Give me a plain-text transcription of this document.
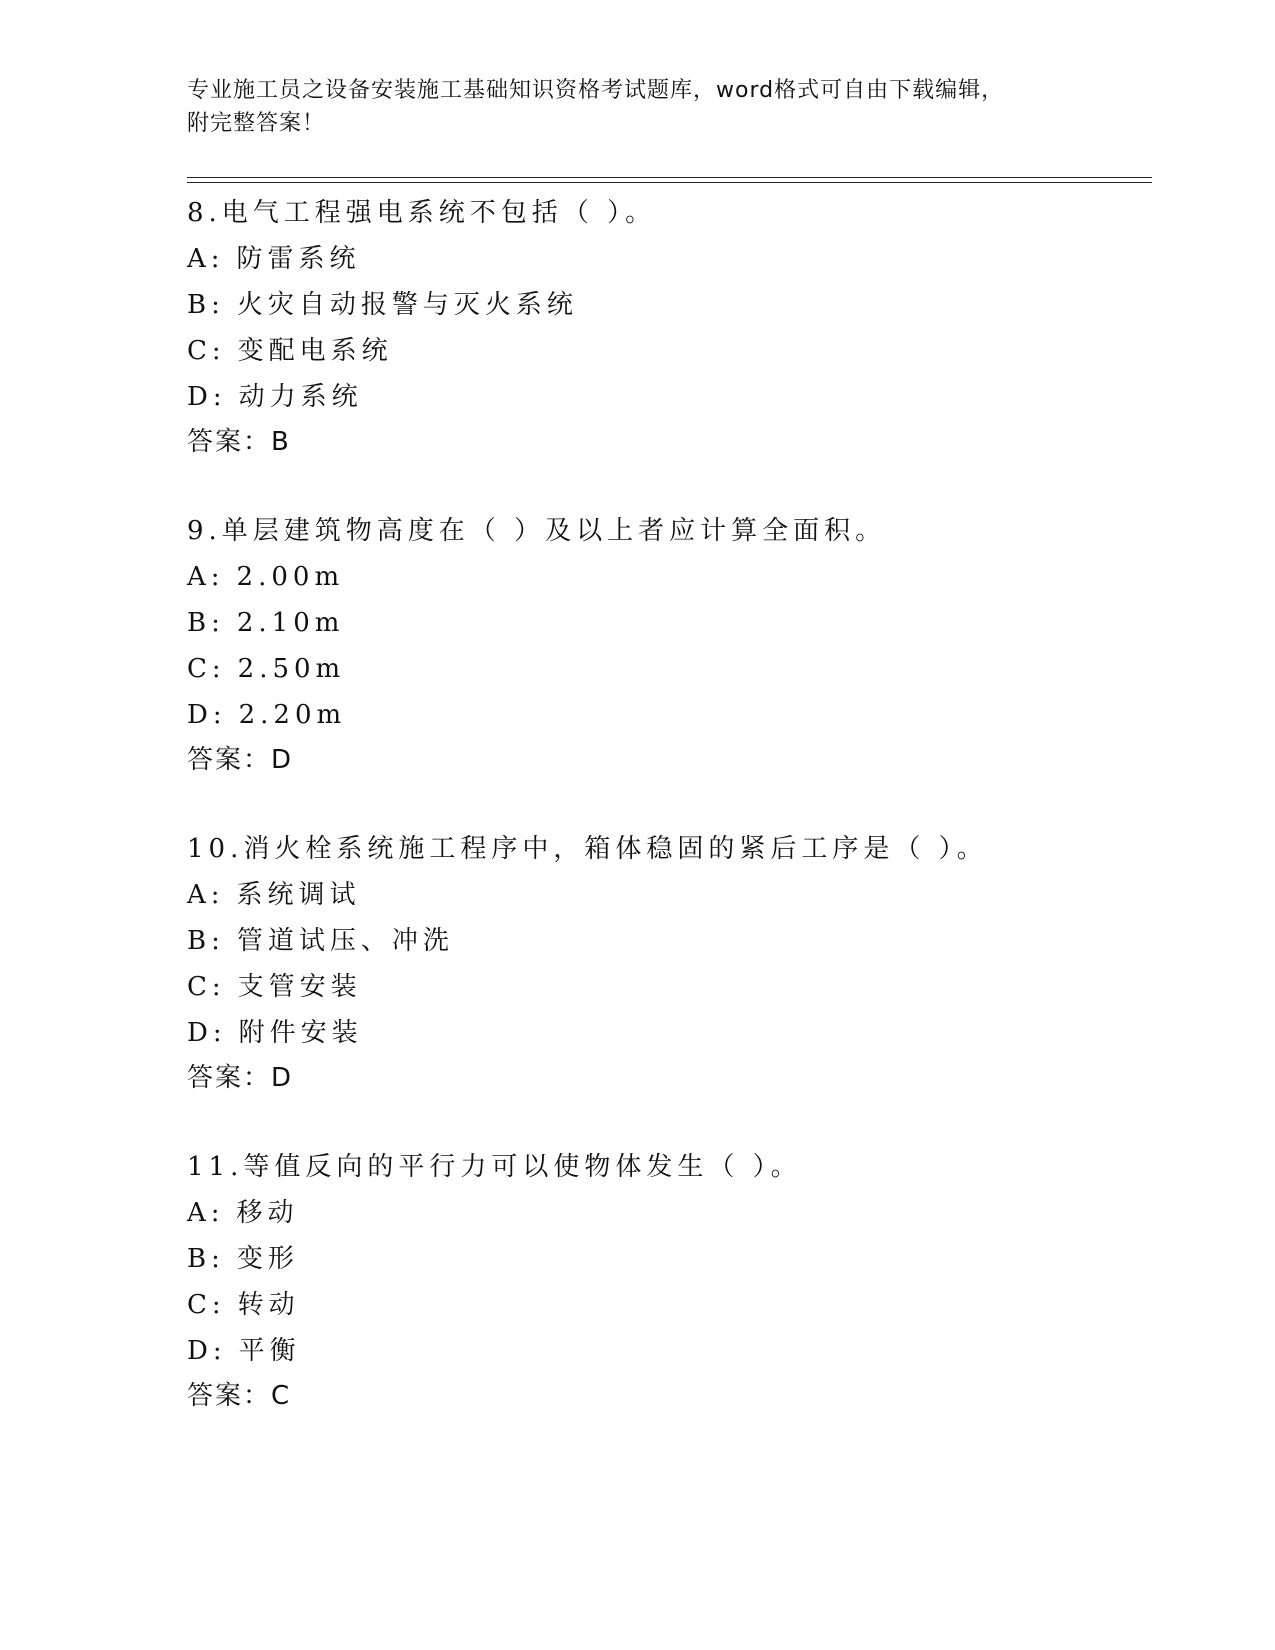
专业施工员之设备安装施工基础知识资格考试题库，word格式可自由下载编辑，
附完整答案！
8.电气工程强电系统不包括（ ）。
A: 防雷系统
B: 火灾自动报警与灭火系统
C: 变配电系统
D: 动力系统
答案：B
9.单层建筑物高度在（ ）及以上者应计算全面积。
A: 2.00m
B: 2.10m
C: 2.50m
D: 2.20m
答案：D
10.消火栓系统施工程序中，箱体稳固的紧后工序是（ ）。
A: 系统调试
B: 管道试压、冲洗
C: 支管安装
D: 附件安装
答案：D
11.等值反向的平行力可以使物体发生（ ）。
A: 移动
B: 变形
C: 转动
D: 平衡
答案：C
